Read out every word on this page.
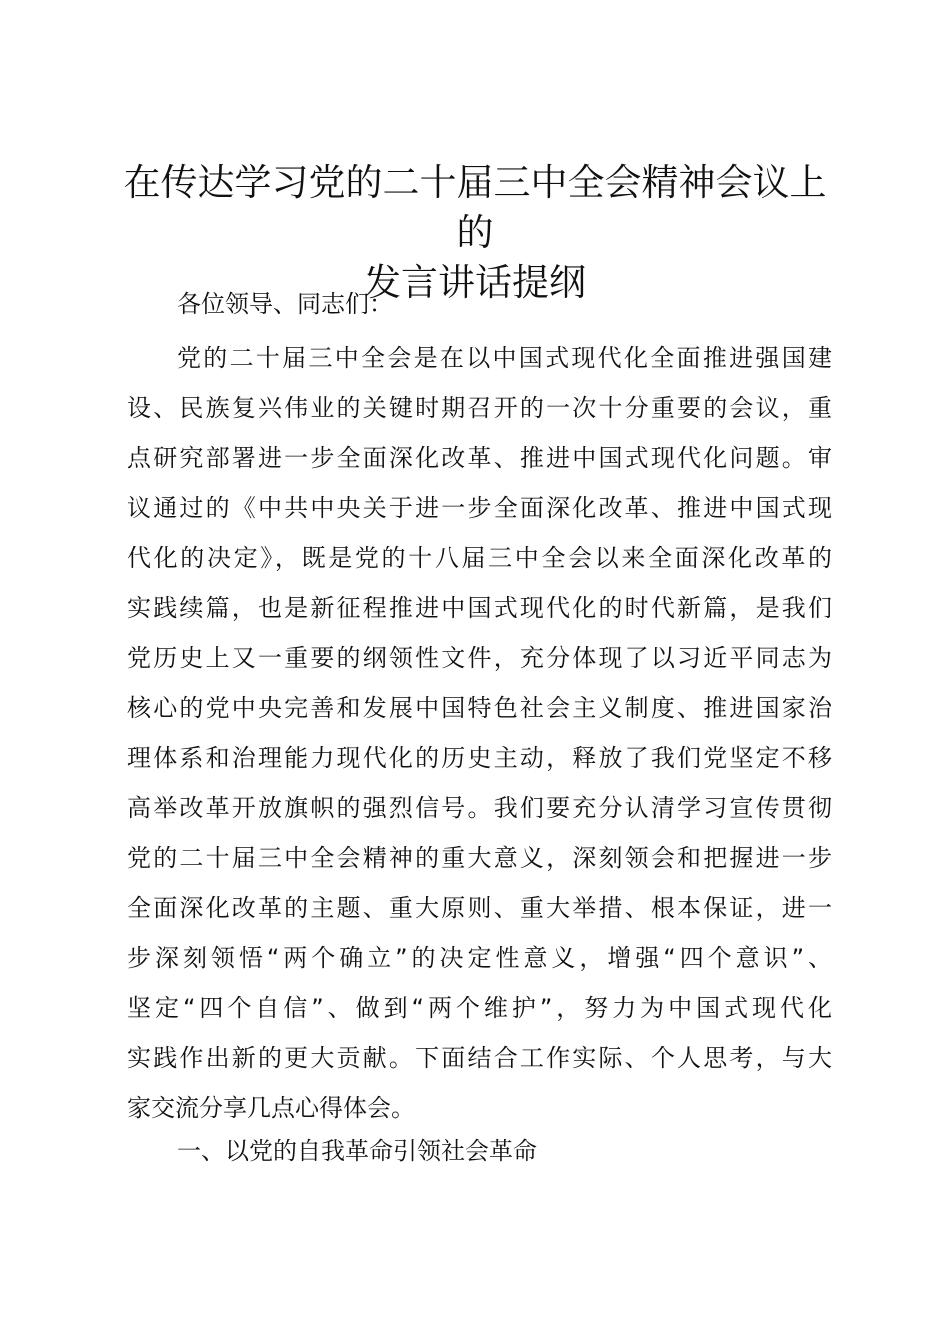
在传达学习党的二十届三中全会精神会议上的
发言讲话提纲

各位领导、同志们：

党的二十届三中全会是在以中国式现代化全面推进强国建
设、民族复兴伟业的关键时期召开的一次十分重要的会议，重
点研究部署进一步全面深化改革、推进中国式现代化问题。审
议通过的《中共中央关于进一步全面深化改革、推进中国式现
代化的决定》，既是党的十八届三中全会以来全面深化改革的
实践续篇，也是新征程推进中国式现代化的时代新篇，是我们
党历史上又一重要的纲领性文件，充分体现了以习近平同志为
核心的党中央完善和发展中国特色社会主义制度、推进国家治
理体系和治理能力现代化的历史主动，释放了我们党坚定不移
高举改革开放旗帜的强烈信号。我们要充分认清学习宣传贯彻
党的二十届三中全会精神的重大意义，深刻领会和把握进一步
全面深化改革的主题、重大原则、重大举措、根本保证，进一
步深刻领悟“两个确立”的决定性意义，增强“四个意识”、
坚定“四个自信”、做到“两个维护”，努力为中国式现代化
实践作出新的更大贡献。下面结合工作实际、个人思考，与大
家交流分享几点心得体会。

一、以党的自我革命引领社会革命
